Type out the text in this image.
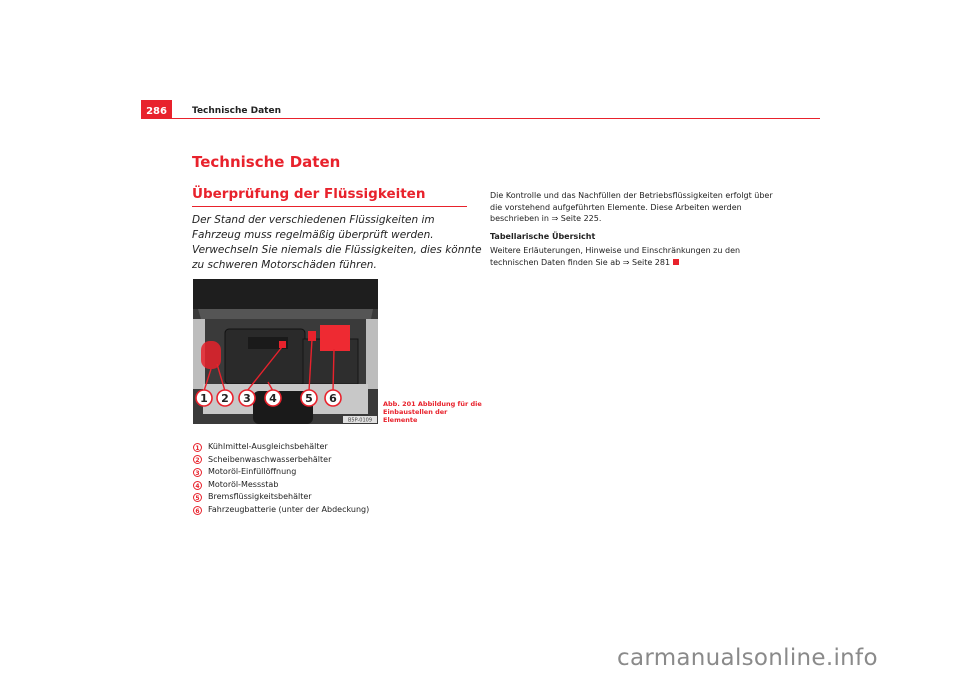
286	Technische Daten
Technische Daten
Überprüfung der Flüssigkeiten
Der Stand der verschiedenen Flüssigkeiten im Fahrzeug muss regelmäßig überprüft werden. Verwechseln Sie niemals die Flüssigkeiten, dies könnte zu schweren Motorschäden führen.
1 2 3 4	5 6
B5P-0109
Abb. 201 Abbildung für die Einbaustellen der Elemente
1	Kühlmittel-Ausgleichsbehälter
2	Scheibenwaschwasserbehälter
3	Motoröl-Einfüllöffnung
4	Motoröl-Messstab
5	Bremsflüssigkeitsbehälter
6	Fahrzeugbatterie (unter der Abdeckung)

Die Kontrolle und das Nachfüllen der Betriebsflüssigkeiten erfolgt über die vorstehend aufgeführten Elemente. Diese Arbeiten werden beschrieben in ⇒ Seite 225.

Tabellarische Übersicht

Weitere Erläuterungen, Hinweise und Einschränkungen zu den technischen Daten finden Sie ab ⇒ Seite 281

carmanualsonline.info
